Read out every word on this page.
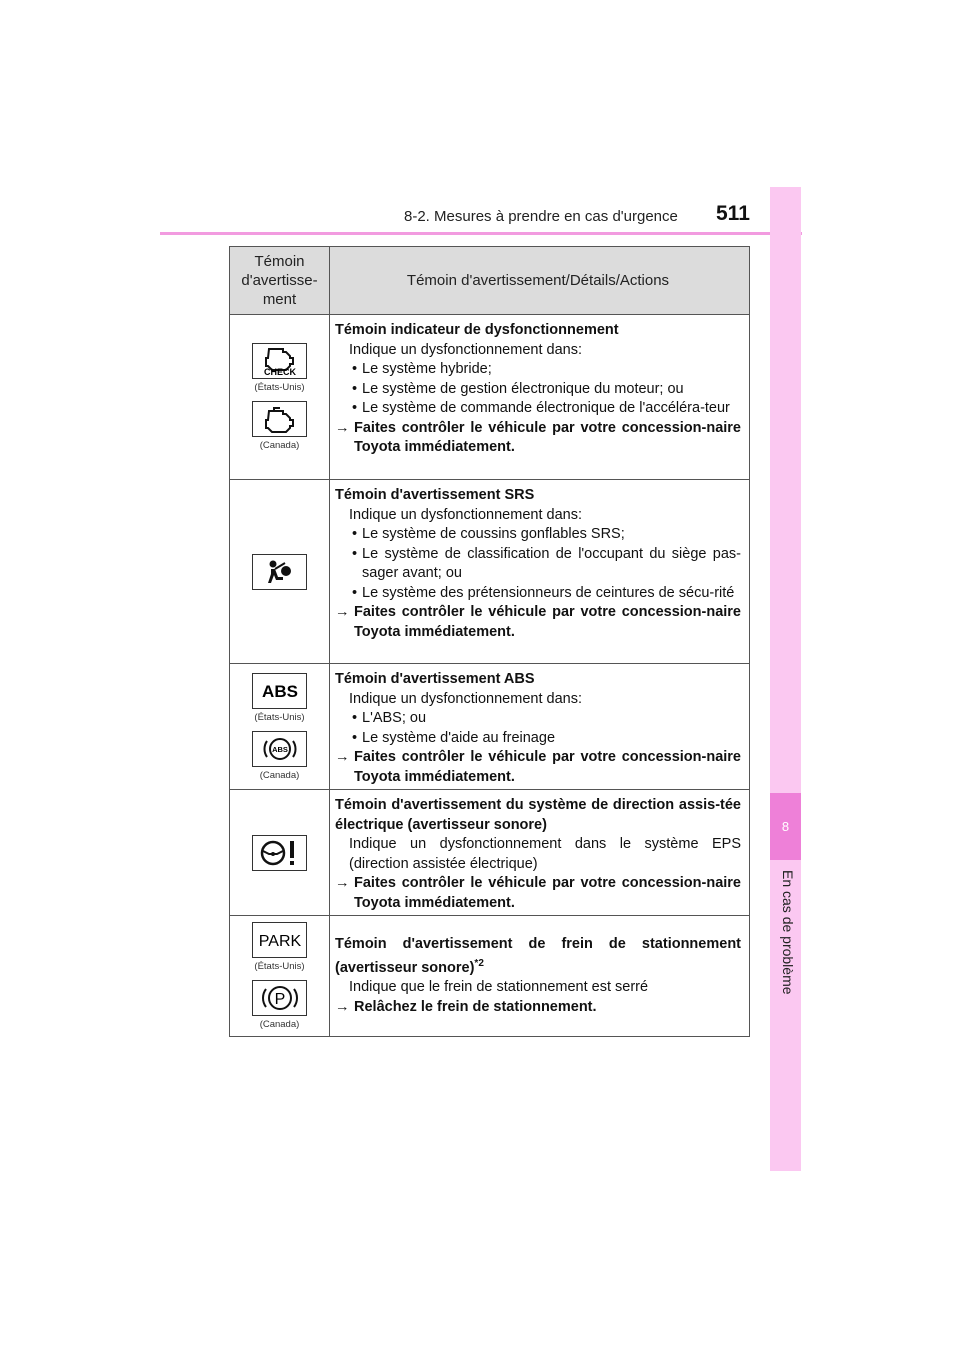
8-2. Mesures à prendre en cas d'urgence 511
8
En cas de problème
Témoin d'avertisse-ment
Témoin d'avertissement/Détails/Actions
CHECK
(États-Unis)
(Canada)
Témoin indicateur de dysfonctionnement
Indique un dysfonctionnement dans:
• Le système hybride;
• Le système de gestion électronique du moteur; ou
• Le système de commande électronique de l'accéléra-teur
→ Faites contrôler le véhicule par votre concession-naire Toyota immédiatement.
Témoin d'avertissement SRS
Indique un dysfonctionnement dans:
• Le système de coussins gonflables SRS;
• Le système de classification de l'occupant du siège pas-sager avant; ou
• Le système des prétensionneurs de ceintures de sécu-rité
→ Faites contrôler le véhicule par votre concession-naire Toyota immédiatement.
ABS
(États-Unis)
ABS
(Canada)
Témoin d'avertissement ABS
Indique un dysfonctionnement dans:
• L'ABS; ou
• Le système d'aide au freinage
→ Faites contrôler le véhicule par votre concession-naire Toyota immédiatement.
Témoin d'avertissement du système de direction assis-tée électrique (avertisseur sonore)
Indique un dysfonctionnement dans le système EPS (direction assistée électrique)
→ Faites contrôler le véhicule par votre concession-naire Toyota immédiatement.
PARK
(États-Unis)
P
(Canada)
Témoin d'avertissement de frein de stationnement (avertisseur sonore)$^{*2}$
Indique que le frein de stationnement est serré
→ Relâchez le frein de stationnement.
